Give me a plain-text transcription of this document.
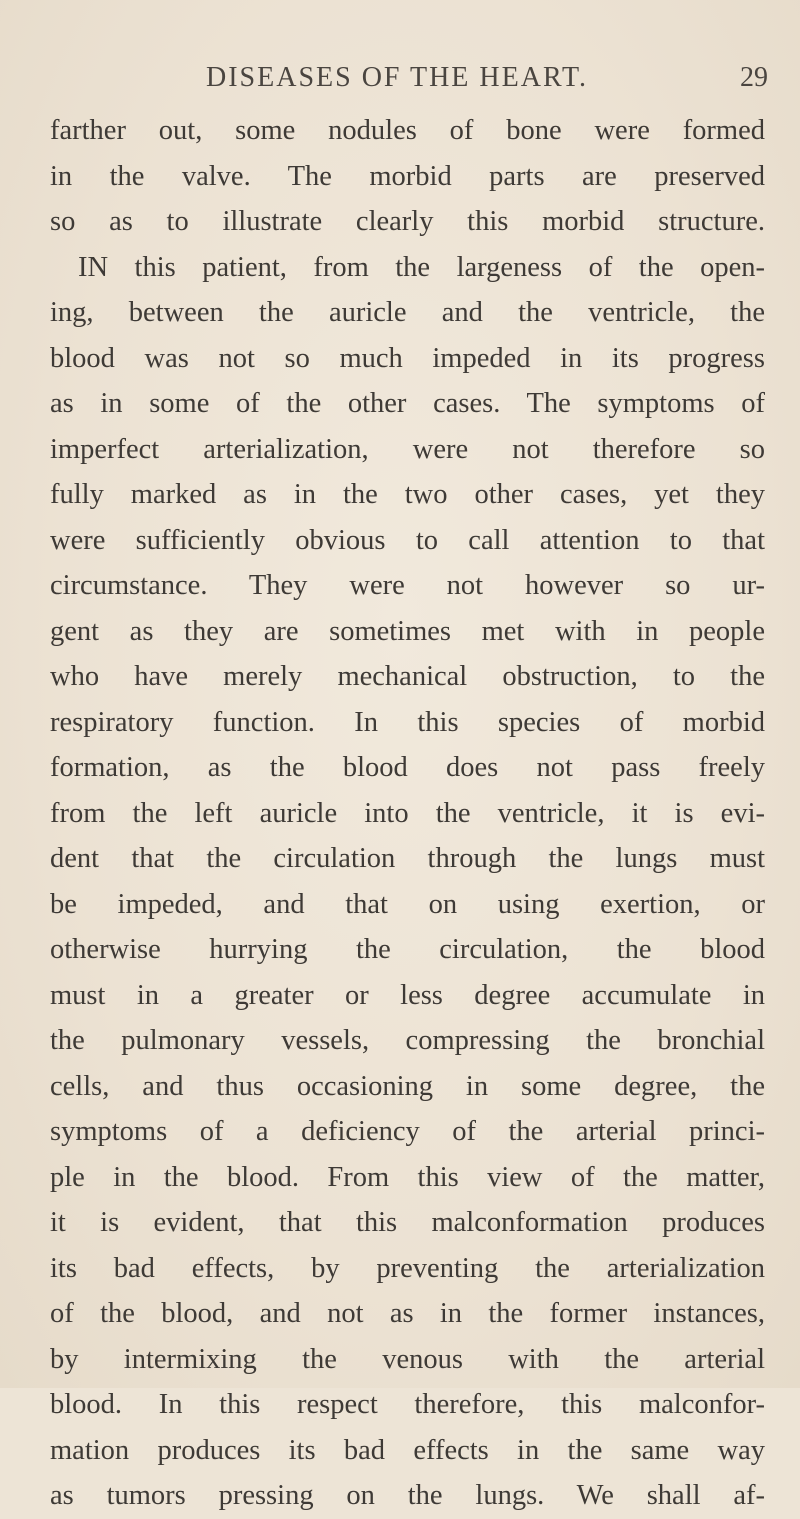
DISEASES OF THE HEART.	29
farther out, some nodules of bone were formed
in the valve. The morbid parts are preserved
so as to illustrate clearly this morbid structure.
IN this patient, from the largeness of the open-
ing, between the auricle and the ventricle, the
blood was not so much impeded in its progress
as in some of the other cases. The symptoms of
imperfect arterialization, were not therefore so
fully marked as in the two other cases, yet they
were sufficiently obvious to call attention to that
circumstance. They were not however so ur-
gent as they are sometimes met with in people
who have merely mechanical obstruction, to the
respiratory function. In this species of morbid
formation, as the blood does not pass freely
from the left auricle into the ventricle, it is evi-
dent that the circulation through the lungs must
be impeded, and that on using exertion, or
otherwise hurrying the circulation, the blood
must in a greater or less degree accumulate in
the pulmonary vessels, compressing the bronchial
cells, and thus occasioning in some degree, the
symptoms of a deficiency of the arterial princi-
ple in the blood. From this view of the matter,
it is evident, that this malconformation produces
its bad effects, by preventing the arterialization
of the blood, and not as in the former instances,
by intermixing the venous with the arterial
blood. In this respect therefore, this malconfor-
mation produces its bad effects in the same way
as tumors pressing on the lungs. We shall af-
